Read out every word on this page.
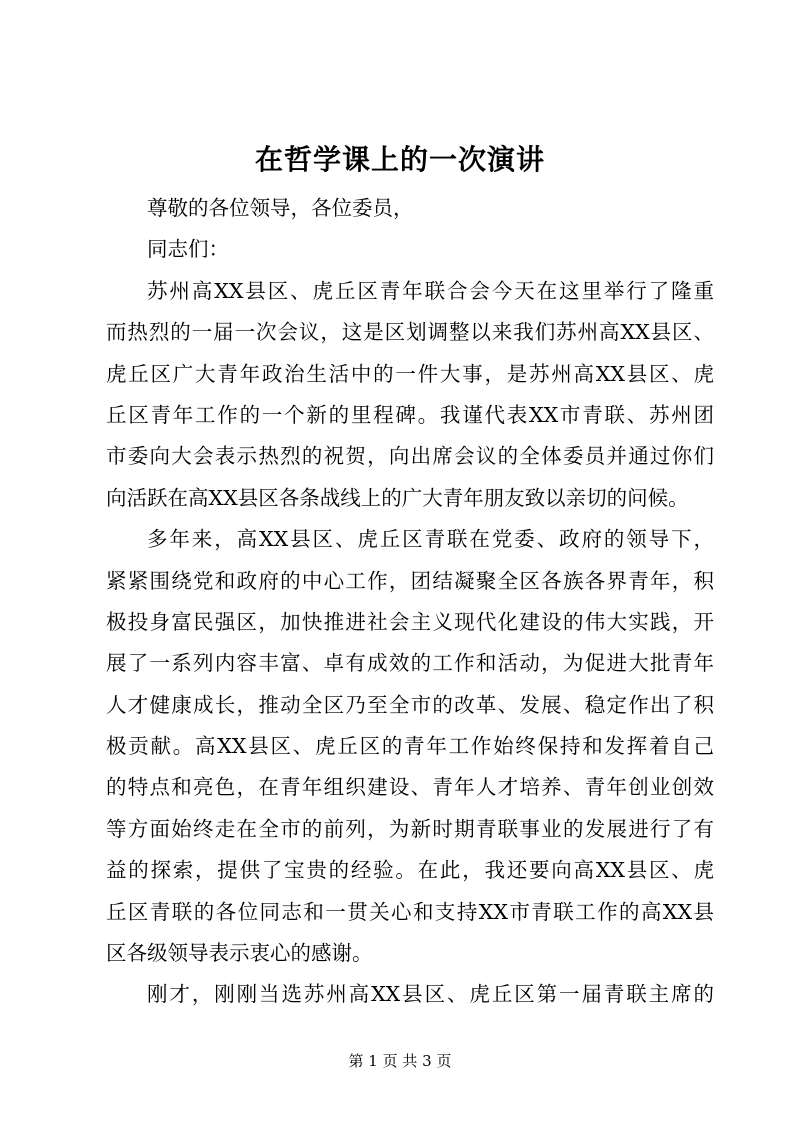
在哲学课上的一次演讲
尊敬的各位领导，各位委员，
同志们：
苏州高XX县区、虎丘区青年联合会今天在这里举行了隆重
而热烈的一届一次会议，这是区划调整以来我们苏州高XX县区、
虎丘区广大青年政治生活中的一件大事，是苏州高XX县区、虎
丘区青年工作的一个新的里程碑。我谨代表XX市青联、苏州团
市委向大会表示热烈的祝贺，向出席会议的全体委员并通过你们
向活跃在高XX县区各条战线上的广大青年朋友致以亲切的问候。
多年来，高XX县区、虎丘区青联在党委、政府的领导下，
紧紧围绕党和政府的中心工作，团结凝聚全区各族各界青年，积
极投身富民强区，加快推进社会主义现代化建设的伟大实践，开
展了一系列内容丰富、卓有成效的工作和活动，为促进大批青年
人才健康成长，推动全区乃至全市的改革、发展、稳定作出了积
极贡献。高XX县区、虎丘区的青年工作始终保持和发挥着自己
的特点和亮色，在青年组织建设、青年人才培养、青年创业创效
等方面始终走在全市的前列，为新时期青联事业的发展进行了有
益的探索，提供了宝贵的经验。在此，我还要向高XX县区、虎
丘区青联的各位同志和一贯关心和支持XX市青联工作的高XX县
区各级领导表示衷心的感谢。
刚才，刚刚当选苏州高XX县区、虎丘区第一届青联主席的
第 1 页 共 3 页
